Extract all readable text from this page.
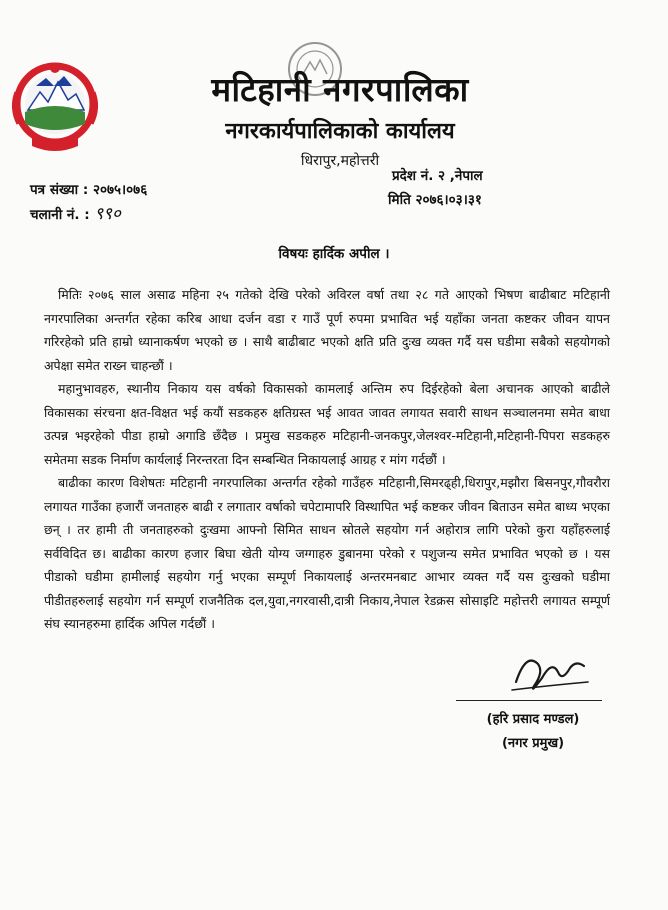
मटिहानी नगरपालिका
नगरकार्यपालिकाको कार्यालय
धिरापुर,महोत्तरी
पत्र संख्या : २०७५।०७६
चलानी नं. : ९९०
प्रदेश नं. २ ,नेपाल
मिति २०७६।०३।३१
विषयः हार्दिक अपील ।

मितिः २०७६ साल असाढ महिना २५ गतेको देखि परेको अविरल वर्षा तथा २८ गते आएको भिषण बाढीबाट मटिहानी नगरपालिका अन्तर्गत रहेका करिब आधा दर्जन वडा र गाउँ पूर्ण रुपमा प्रभावित भई यहाँका जनता कष्टकर जीवन यापन गरिरहेको प्रति हाम्रो ध्यानाकर्षण भएको छ । साथै बाढीबाट भएको क्षति प्रति दुःख व्यक्त गर्दै यस घडीमा सबैको सहयोगको अपेक्षा समेत राख्न चाहन्छौं ।

महानुभावहरु, स्थानीय निकाय यस वर्षको विकासको कामलाई अन्तिम रुप दिईरहेको बेला अचानक आएको बाढीले विकासका संरचना क्षत-विक्षत भई कयौं सडकहरु क्षतिग्रस्त भई आवत जावत लगायत सवारी साधन सञ्चालनमा समेत बाधा उत्पन्न भइरहेको पीडा हाम्रो अगाडि छँदैछ । प्रमुख सडकहरु मटिहानी-जनकपुर,जेलश्वर-मटिहानी,मटिहानी-पिपरा सडकहरु समेतमा सडक निर्माण कार्यलाई निरन्तरता दिन सम्बन्धित निकायलाई आग्रह र मांग गर्दछौं ।

बाढीका कारण विशेषतः मटिहानी नगरपालिका अन्तर्गत रहेको गाउँहरु मटिहानी,सिमरढ्ही,धिरापुर,मझौरा बिसनपुर,गौवरौरा लगायत गाउँका हजारौं जनताहरु बाढी र लगातार वर्षाको चपेटामापरि विस्थापित भई कष्टकर जीवन बिताउन समेत बाध्य भएका छन् । तर हामी ती जनताहरुको दुःखमा आफ्नो सिमित साधन स्रोतले सहयोग गर्न अहोरात्र लागि परेको कुरा यहाँहरुलाई सर्वविदित छ। बाढीका कारण हजार बिघा खेती योग्य जग्गाहरु डुबानमा परेको र पशुजन्य समेत प्रभावित भएको छ । यस पीडाको घडीमा हामीलाई सहयोग गर्नु भएका सम्पूर्ण निकायलाई अन्तरमनबाट आभार व्यक्त गर्दै यस दुःखको घडीमा पीडीतहरुलाई सहयोग गर्न सम्पूर्ण राजनैतिक दल,युवा,नगरवासी,दात्री निकाय,नेपाल रेडक्रस सोसाइटि महोत्तरी लगायत सम्पूर्ण संघ स्यानहरुमा हार्दिक अपिल गर्दछौं ।

(हरि प्रसाद मण्डल)
(नगर प्रमुख)
